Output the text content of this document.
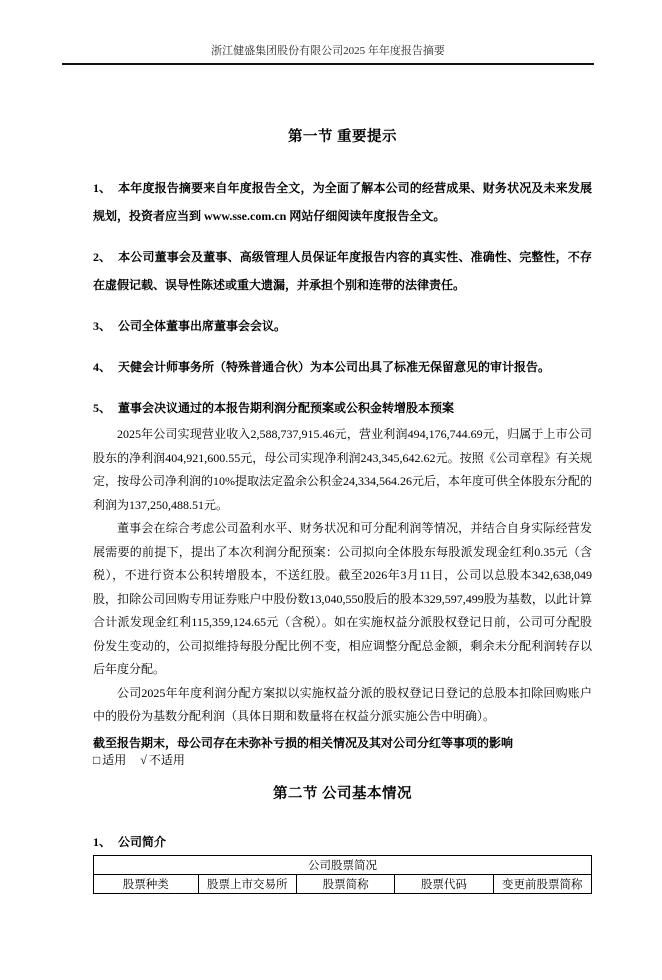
浙江健盛集团股份有限公司2025 年年度报告摘要
第一节 重要提示
1、 本年度报告摘要来自年度报告全文，为全面了解本公司的经营成果、财务状况及未来发展规划，投资者应当到 www.sse.com.cn 网站仔细阅读年度报告全文。
2、 本公司董事会及董事、高级管理人员保证年度报告内容的真实性、准确性、完整性，不存在虚假记载、误导性陈述或重大遗漏，并承担个别和连带的法律责任。
3、 公司全体董事出席董事会会议。
4、 天健会计师事务所（特殊普通合伙）为本公司出具了标准无保留意见的审计报告。
5、 董事会决议通过的本报告期利润分配预案或公积金转增股本预案

2025年公司实现营业收入2,588,737,915.46元，营业利润494,176,744.69元，归属于上市公司股东的净利润404,921,600.55元，母公司实现净利润243,345,642.62元。按照《公司章程》有关规定，按母公司净利润的10%提取法定盈余公积金24,334,564.26元后，本年度可供全体股东分配的利润为137,250,488.51元。

董事会在综合考虑公司盈利水平、财务状况和可分配利润等情况，并结合自身实际经营发展需要的前提下，提出了本次利润分配预案：公司拟向全体股东每股派发现金红利0.35元（含税），不进行资本公积转增股本，不送红股。截至2026年3月11日，公司以总股本342,638,049股，扣除公司回购专用证券账户中股份数13,040,550股后的股本329,597,499股为基数，以此计算合计派发现金红利115,359,124.65元（含税）。如在实施权益分派股权登记日前，公司可分配股份发生变动的，公司拟维持每股分配比例不变，相应调整分配总金额，剩余未分配利润转存以后年度分配。

公司2025年年度利润分配方案拟以实施权益分派的股权登记日登记的总股本扣除回购账户中的股份为基数分配利润（具体日期和数量将在权益分派实施公告中明确）。

截至报告期末，母公司存在未弥补亏损的相关情况及其对公司分红等事项的影响
□ 适用 √ 不适用
第二节 公司基本情况
1、 公司简介
公司股票简况
股票种类	股票上市交易所	股票简称	股票代码	变更前股票简称
